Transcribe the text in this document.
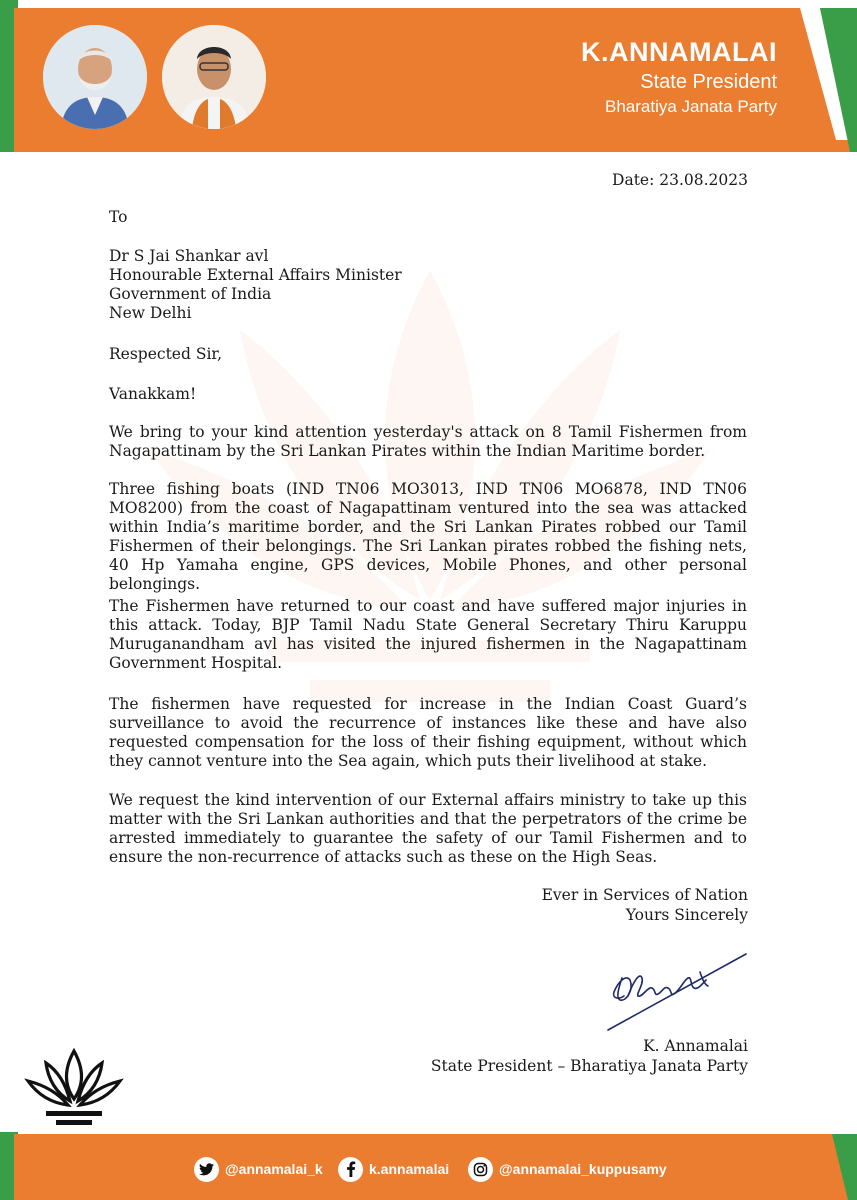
K.ANNAMALAI
State President
Bharatiya Janata Party
Date: 23.08.2023
To
Dr S Jai Shankar avl
Honourable External Affairs Minister
Government of India
New Delhi
Respected Sir,
Vanakkam!
We bring to your kind attention yesterday's attack on 8 Tamil Fishermen from Nagapattinam by the Sri Lankan Pirates within the Indian Maritime border.
Three fishing boats (IND TN06 MO3013, IND TN06 MO6878, IND TN06 MO8200) from the coast of Nagapattinam ventured into the sea was attacked within India’s maritime border, and the Sri Lankan Pirates robbed our Tamil Fishermen of their belongings. The Sri Lankan pirates robbed the fishing nets, 40 Hp Yamaha engine, GPS devices, Mobile Phones, and other personal belongings.
The Fishermen have returned to our coast and have suffered major injuries in this attack. Today, BJP Tamil Nadu State General Secretary Thiru Karuppu Muruganandham avl has visited the injured fishermen in the Nagapattinam Government Hospital.
The fishermen have requested for increase in the Indian Coast Guard’s surveillance to avoid the recurrence of instances like these and have also requested compensation for the loss of their fishing equipment, without which they cannot venture into the Sea again, which puts their livelihood at stake.
We request the kind intervention of our External affairs ministry to take up this matter with the Sri Lankan authorities and that the perpetrators of the crime be arrested immediately to guarantee the safety of our Tamil Fishermen and to ensure the non-recurrence of attacks such as these on the High Seas.
Ever in Services of Nation
Yours Sincerely
K. Annamalai
State President – Bharatiya Janata Party
@annamalai_k	k.annamalai	@annamalai_kuppusamy
